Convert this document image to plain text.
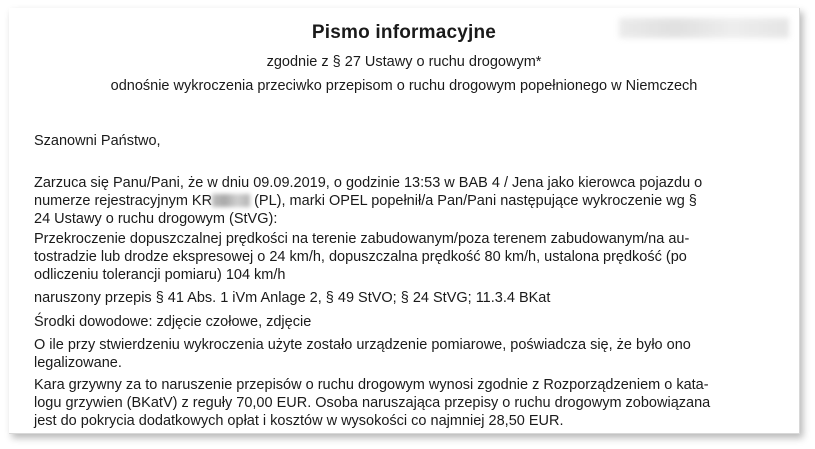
Pismo informacyjne
zgodnie z § 27 Ustawy o ruchu drogowym*
odnośnie wykroczenia przeciwko przepisom o ruchu drogowym popełnionego w Niemczech
Szanowni Państwo,
Zarzuca się Panu/Pani, że w dniu 09.09.2019, o godzinie 13:53 w BAB 4 / Jena jako kierowca pojazdu o
numerze rejestracyjnym KR	(PL), marki OPEL popełnił/a Pan/Pani następujące wykroczenie wg §
24 Ustawy o ruchu drogowym (StVG):
Przekroczenie dopuszczalnej prędkości na terenie zabudowanym/poza terenem zabudowanym/na au-
tostradzie lub drodze ekspresowej o 24 km/h, dopuszczalna prędkość 80 km/h, ustalona prędkość (po
odliczeniu tolerancji pomiaru) 104 km/h
naruszony przepis § 41 Abs. 1 iVm Anlage 2, § 49 StVO; § 24 StVG; 11.3.4 BKat
Środki dowodowe: zdjęcie czołowe, zdjęcie
O ile przy stwierdzeniu wykroczenia użyte zostało urządzenie pomiarowe, poświadcza się, że było ono
legalizowane.
Kara grzywny za to naruszenie przepisów o ruchu drogowym wynosi zgodnie z Rozporządzeniem o kata-
logu grzywien (BKatV) z reguły 70,00 EUR. Osoba naruszająca przepisy o ruchu drogowym zobowiązana
jest do pokrycia dodatkowych opłat i kosztów w wysokości co najmniej 28,50 EUR.
